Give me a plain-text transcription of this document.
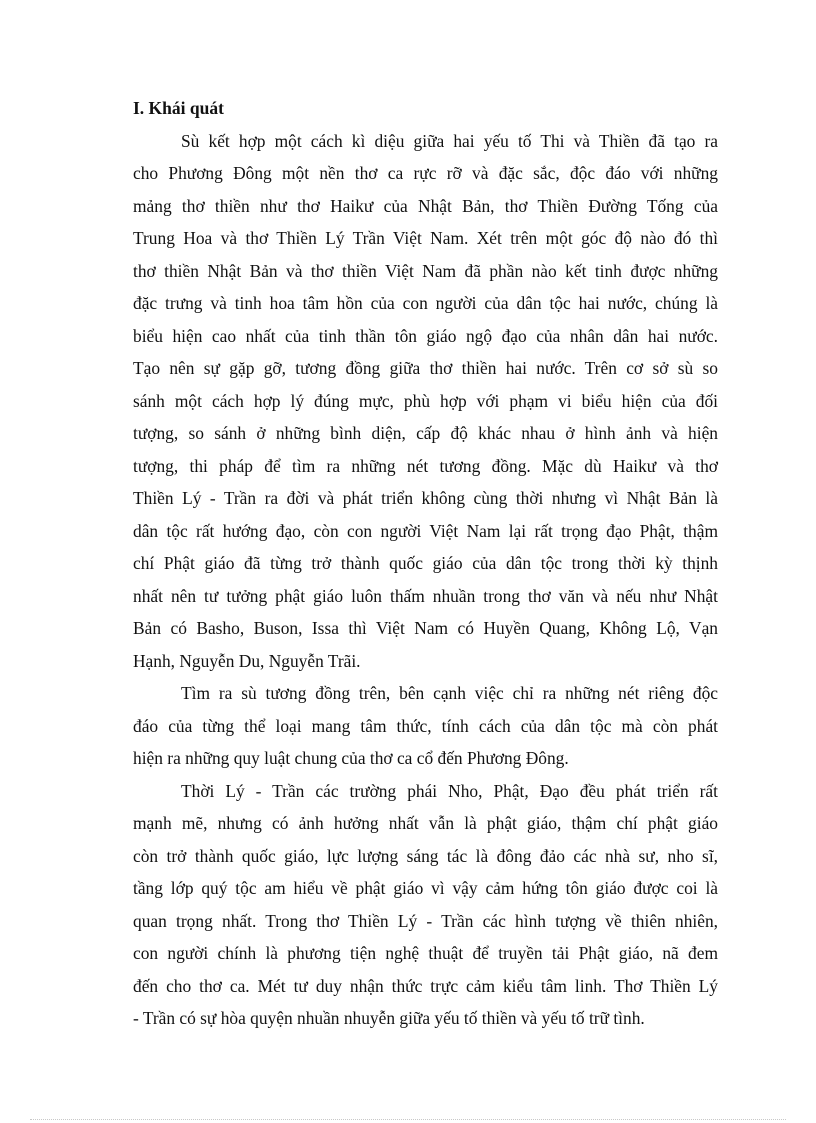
I. Khái quát
Sù kết hợp một cách kì diệu giữa hai yếu tố Thi và Thiền đã tạo ra
cho Phương Đông một nền thơ ca rực rỡ và đặc sắc, độc đáo với những
mảng thơ thiền như thơ Haikư của Nhật Bản, thơ Thiền Đường Tống của
Trung Hoa và thơ Thiền Lý Trần Việt Nam. Xét trên một góc độ nào đó thì
thơ thiền Nhật Bản và thơ thiền Việt Nam đã phần nào kết tinh được những
đặc trưng và tinh hoa tâm hồn của con người của dân tộc hai nước, chúng là
biểu hiện cao nhất của tinh thần tôn giáo ngộ đạo của nhân dân hai nước.
Tạo nên sự gặp gỡ, tương đồng giữa thơ thiền hai nước. Trên cơ sở sù so
sánh một cách hợp lý đúng mực, phù hợp với phạm vi biểu hiện của đối
tượng, so sánh ở những bình diện, cấp độ khác nhau ở hình ảnh và hiện
tượng, thi pháp để tìm ra những nét tương đồng. Mặc dù Haikư và thơ
Thiền Lý - Trần ra đời và phát triển không cùng thời nhưng vì Nhật Bản là
dân tộc rất hướng đạo, còn con người Việt Nam lại rất trọng đạo Phật, thậm
chí Phật giáo đã từng trở thành quốc giáo của dân tộc trong thời kỳ thịnh
nhất nên tư tưởng phật giáo luôn thấm nhuần trong thơ văn và nếu như Nhật
Bản có Basho, Buson, Issa thì Việt Nam có Huyền Quang, Không Lộ, Vạn
Hạnh, Nguyễn Du, Nguyễn Trãi.
Tìm ra sù tương đồng trên, bên cạnh việc chỉ ra những nét riêng độc
đáo của từng thể loại mang tâm thức, tính cách của dân tộc mà còn phát
hiện ra những quy luật chung của thơ ca cổ đến Phương Đông.
Thời Lý - Trần các trường phái Nho, Phật, Đạo đều phát triển rất
mạnh mẽ, nhưng có ảnh hưởng nhất vẫn là phật giáo, thậm chí phật giáo
còn trở thành quốc giáo, lực lượng sáng tác là đông đảo các nhà sư, nho sĩ,
tầng lớp quý tộc am hiểu về phật giáo vì vậy cảm hứng tôn giáo được coi là
quan trọng nhất. Trong thơ Thiền Lý - Trần các hình tượng về thiên nhiên,
con người chính là phương tiện nghệ thuật để truyền tải Phật giáo, nã đem
đến cho thơ ca. Mét tư duy nhận thức trực cảm kiểu tâm linh. Thơ Thiền Lý
- Trần có sự hòa quyện nhuần nhuyễn giữa yếu tố thiền và yếu tố trữ tình.
